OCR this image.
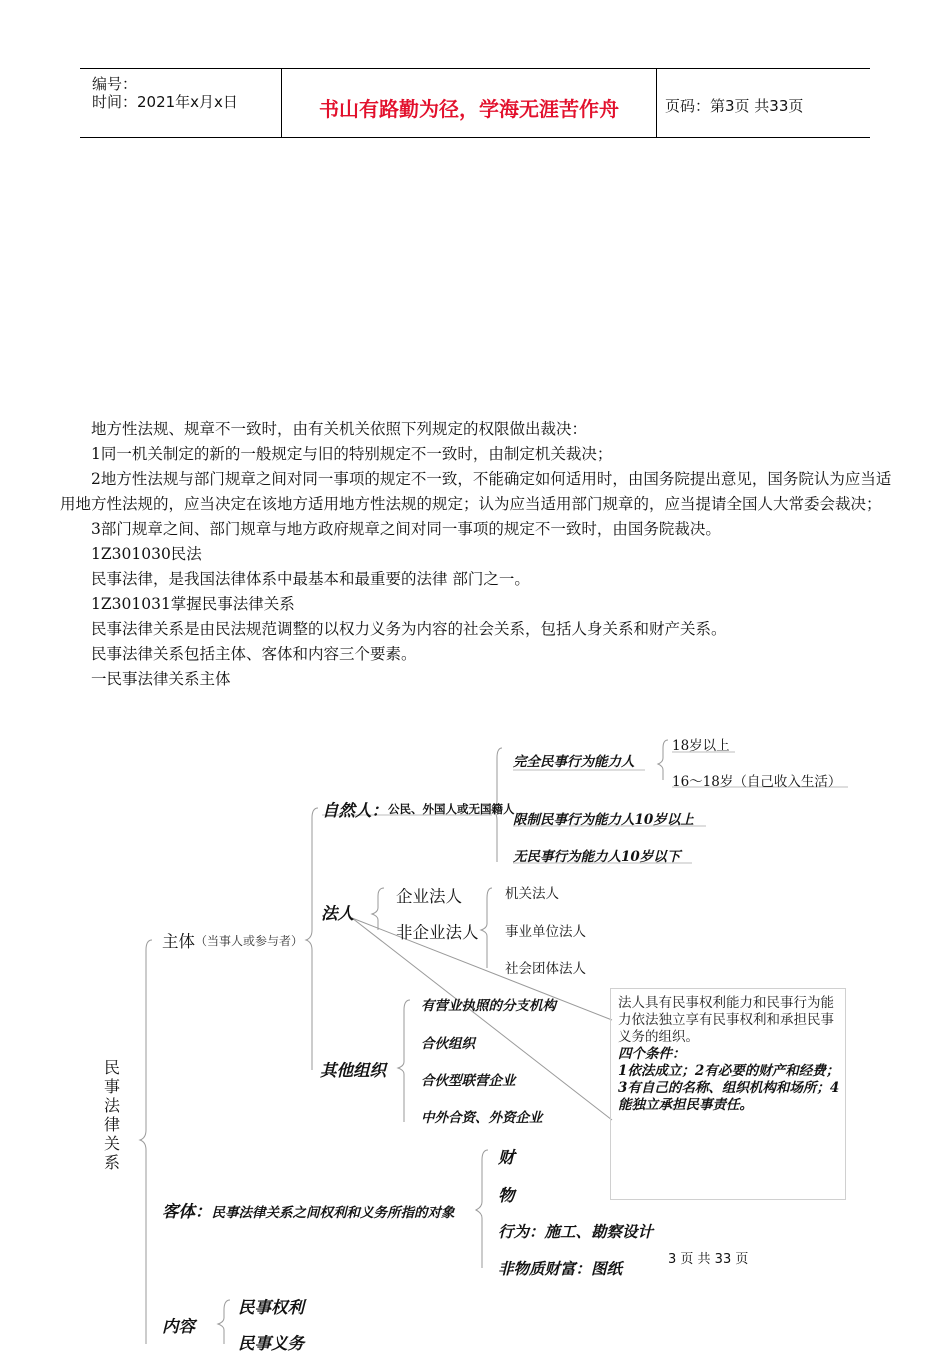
编号：
时间：2021年x月x日	书山有路勤为径，学海无涯苦作舟	页码：第3页 共33页

地方性法规、规章不一致时，由有关机关依照下列规定的权限做出裁决：

1同一机关制定的新的一般规定与旧的特别规定不一致时，由制定机关裁决；

2地方性法规与部门规章之间对同一事项的规定不一致，不能确定如何适用时，由国务院提出意见，国务院认为应当适用地方性法规的，应当决定在该地方适用地方性法规的规定；认为应当适用部门规章的，应当提请全国人大常委会裁决；

3部门规章之间、部门规章与地方政府规章之间对同一事项的规定不一致时，由国务院裁决。

1Z301030民法

民事法律，是我国法律体系中最基本和最重要的法律 部门之一。

1Z301031掌握民事法律关系

民事法律关系是由民法规范调整的以权力义务为内容的社会关系，包括人身关系和财产关系。

民事法律关系包括主体、客体和内容三个要素。

一民事法律关系主体

民事法律关系
主体（当事人或参与者）
自然人：公民、外国人或无国籍人
完全民事行为能力人
18岁以上
16～18岁（自己收入生活）
限制民事行为能力人10岁以上
无民事行为能力人10岁以下
法人
企业法人
非企业法人
机关法人
事业单位法人
社会团体法人
其他组织
有营业执照的分支机构
合伙组织
合伙型联营企业
中外合资、外资企业

法人具有民事权利能力和民事行为能力依法独立享有民事权利和承担民事义务的组织。

四个条件：

1依法成立；2有必要的财产和经费；3有自己的名称、组织机构和场所；4能独立承担民事责任。

客体：民事法律关系之间权利和义务所指的对象
财
物
行为：施工、勘察设计
非物质财富：图纸
内容
民事权利
民事义务
3 页 共 33 页
